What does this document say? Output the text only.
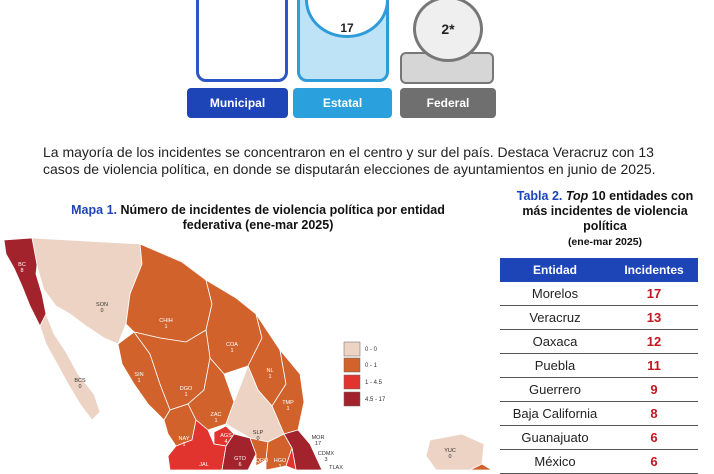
17	2*
Municipal	Estatal	Federal
La mayoría de los incidentes se concentraron en el centro y sur del país. Destaca Veracruz con 13 casos de violencia política, en donde se disputarán elecciones de ayuntamientos en junio de 2025.
Mapa 1. Número de incidentes de violencia política por entidad federativa (ene-mar 2025)
Tabla 2. Top 10 entidades con más incidentes de violencia política
(ene-mar 2025)
Entidad	Incidentes
Morelos	17
Veracruz	13
Oaxaca	12
Puebla	11
Guerrero	9
Baja California	8
Guanajuato	6
México	6
BC
8
SON
0
BCS
0
CHIH
1
COA
1
SIN
1
DGO
1
NL
1
TMP
1
ZAC
1
NAY
1
AGS
4
SLP
0
JAL
GTO
6
QRO
1
HGO
1
MOR
17
CDMX
3
TLAX
YUC
0
0 - 0
0 - 1
1 - 4.5
4.5 - 17
